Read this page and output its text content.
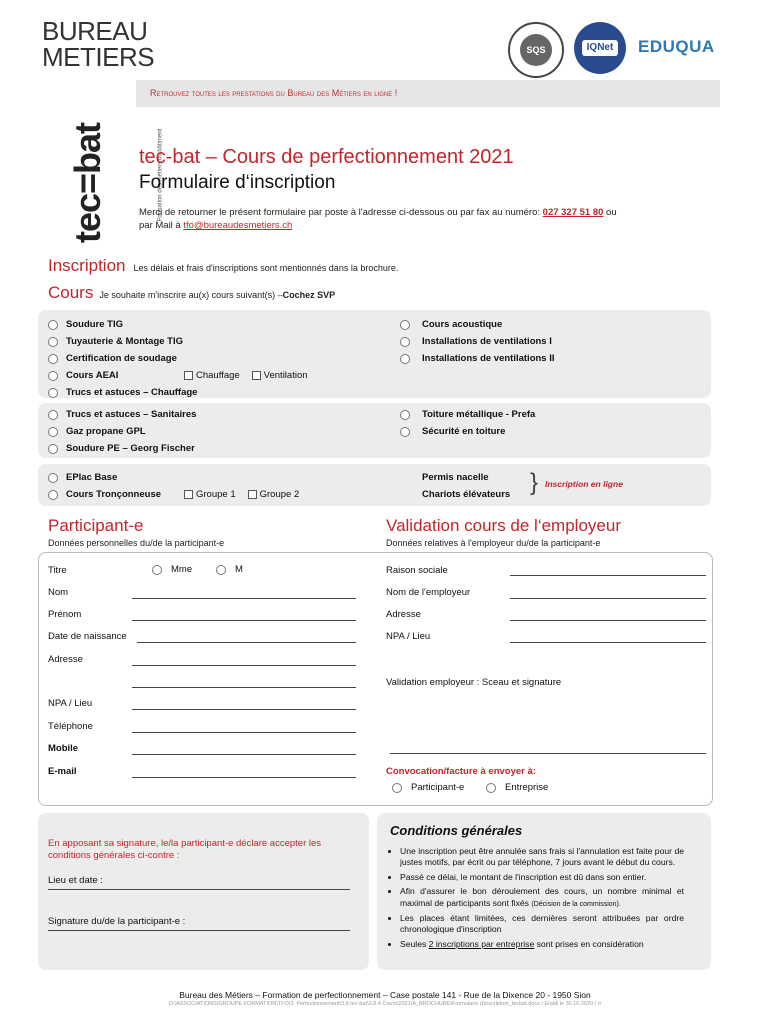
BUREAU
METIERS	SQS	IQNet EDUQUA
Retrouvez toutes les prestations du Bureau des Métiers en ligne !
tec=bat	Formation des métiers du bâtiment
tec-bat – Cours de perfectionnement 2021
Formulaire d‘inscription
Merci de retourner le présent formulaire par poste à l'adresse ci-dessous ou par fax au numéro: 027 327 51 80 ou
par Mail à tfo@bureaudesmetiers.ch
Inscription Les délais et frais d'inscriptions sont mentionnés dans la brochure.
Cours Je souhaite m'inscrire au(x) cours suivant(s) – Cochez SVP
Soudure TIG
Tuyauterie & Montage TIG
Certification de soudage
Cours AEAI	Chauffage	Ventilation
Trucs et astuces – Chauffage
Cours acoustique
Installations de ventilations I
Installations de ventilations II
Trucs et astuces – Sanitaires
Gaz propane GPL
Soudure PE – Georg Fischer
Toiture métallique - Prefa
Sécurité en toiture
EPlac Base
Cours Tronçonneuse	Groupe 1	Groupe 2
Permis nacelle
Chariots élévateurs } Inscription en ligne
Participant-e
Données personnelles du/de la participant-e
Validation cours de l‘employeur
Données relatives à l'employeur du/de la participant-e
Titre	Mme	M
Nom
Prénom
Date de naissance
Adresse
NPA / Lieu
Téléphone
Mobile
E-mail
Raison sociale
Nom de l'employeur
Adresse
NPA / Lieu
Validation employeur : Sceau et signature
Convocation/facture à envoyer à:
Participant-e	Entreprise
En apposant sa signature, le/la participant-e déclare accepter les conditions générales ci-contre :
Lieu et date :
Signature du/de la participant-e :
Conditions générales
• Une inscription peut être annulée sans frais si l'annulation est faite pour de justes motifs, par écrit ou par téléphone, 7 jours avant le début du cours.
• Passé ce délai, le montant de l'inscription est dû dans son entier.
• Afin d'assurer le bon déroulement des cours, un nombre minimal et maximal de participants sont fixés (Décision de la commission).
• Les places étant limitées, ces dernières seront attribuées par ordre chronologique d'inscription
• Seules 2 inscriptions par entreprise sont prises en considération
Bureau des Métiers – Formation de perfectionnement – Case postale 141 - Rue de la Dixence 20 - 1950 Sion
O:\ASSOCIATIONS\GROUPE FORMATION\TFO\3. Perfectionnement\3.8 tec-bat\3.8.4 Cours\2021\A_BROCHURE\Formulaire d'inscription_tecbat.docx / Etabli le 30.10.2020 / rr
